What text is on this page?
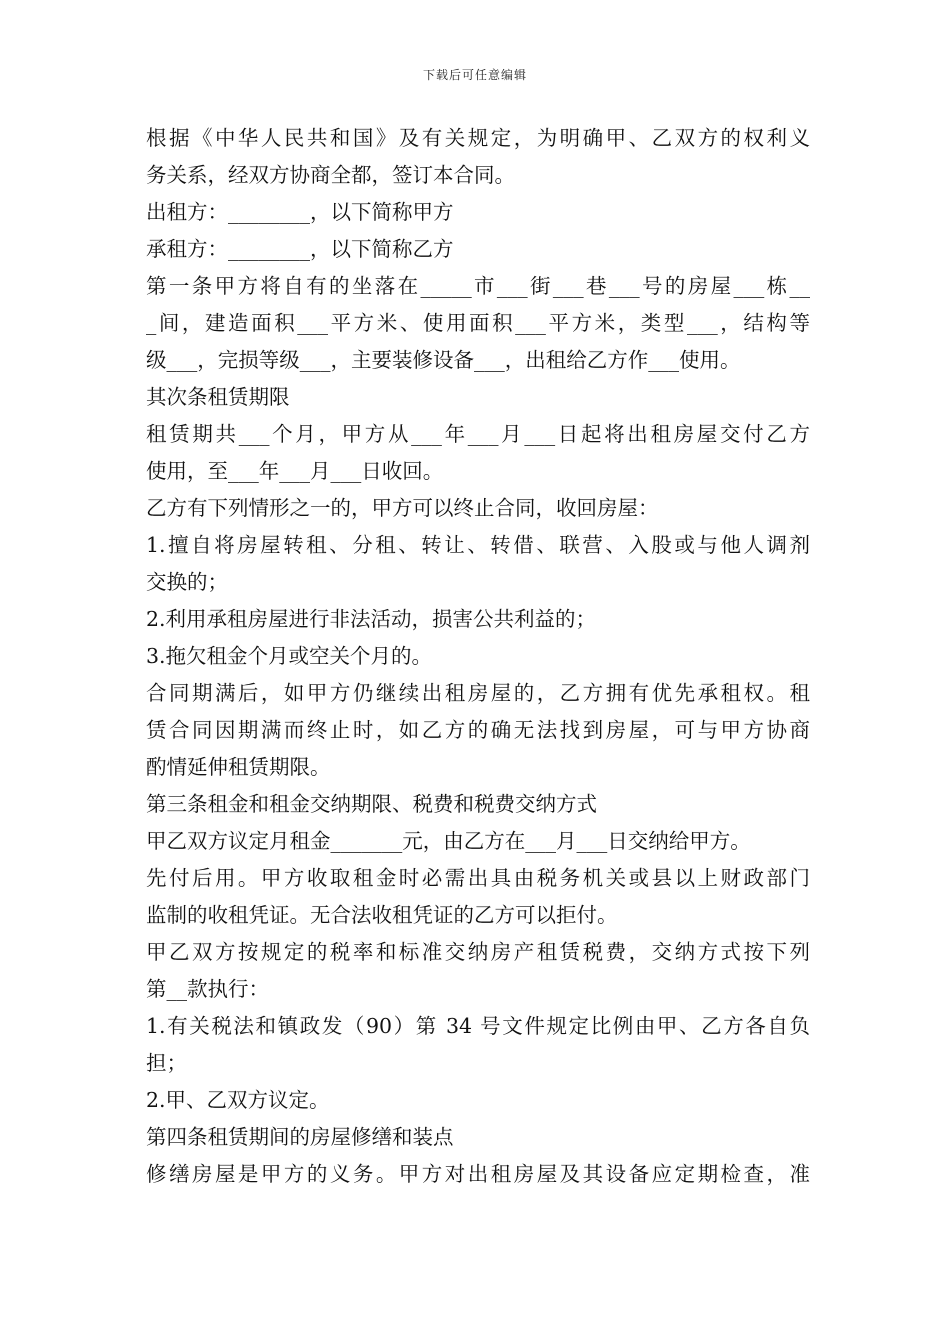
下载后可任意编辑
根据《中华人民共和国》及有关规定，为明确甲、乙双方的权利义
务关系，经双方协商全都，签订本合同。
出租方：________，以下简称甲方
承租方：________，以下简称乙方
第一条甲方将自有的坐落在_____市___街___巷___号的房屋___栋__
_间，建造面积___平方米、使用面积___平方米，类型___，结构等
级___，完损等级___，主要装修设备___，出租给乙方作___使用。
其次条租赁期限
租赁期共___个月，甲方从___年___月___日起将出租房屋交付乙方
使用，至___年___月___日收回。
乙方有下列情形之一的，甲方可以终止合同，收回房屋：
1.擅自将房屋转租、分租、转让、转借、联营、入股或与他人调剂
交换的；
2.利用承租房屋进行非法活动，损害公共利益的；
3.拖欠租金个月或空关个月的。
合同期满后，如甲方仍继续出租房屋的，乙方拥有优先承租权。租
赁合同因期满而终止时，如乙方的确无法找到房屋，可与甲方协商
酌情延伸租赁期限。
第三条租金和租金交纳期限、税费和税费交纳方式
甲乙双方议定月租金_______元，由乙方在___月___日交纳给甲方。
先付后用。甲方收取租金时必需出具由税务机关或县以上财政部门
监制的收租凭证。无合法收租凭证的乙方可以拒付。
甲乙双方按规定的税率和标准交纳房产租赁税费，交纳方式按下列
第__款执行：
1.有关税法和镇政发（90）第 34 号文件规定比例由甲、乙方各自负
担；
2.甲、乙双方议定。
第四条租赁期间的房屋修缮和装点
修缮房屋是甲方的义务。甲方对出租房屋及其设备应定期检查，准
